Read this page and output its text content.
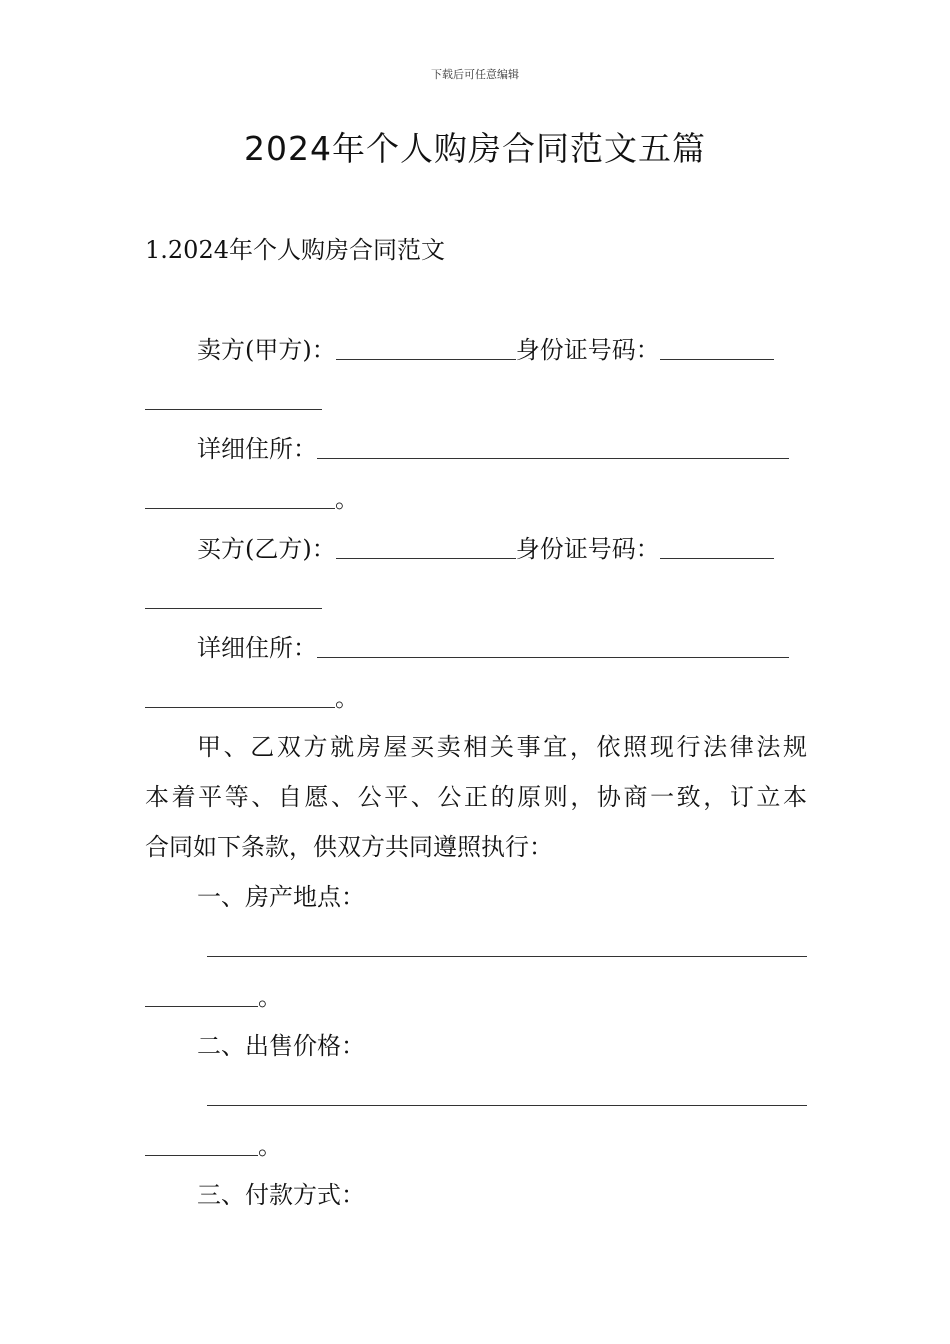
下载后可任意编辑
2024年个人购房合同范文五篇
1.2024年个人购房合同范文
卖方(甲方)：	身份证号码：
详细住所：
。
买方(乙方)：	身份证号码：
详细住所：
。
甲、乙双方就房屋买卖相关事宜，依照现行法律法规
本着平等、自愿、公平、公正的原则，协商一致，订立本
合同如下条款，供双方共同遵照执行：
一、房产地点：
。
二、出售价格：
。
三、付款方式：
